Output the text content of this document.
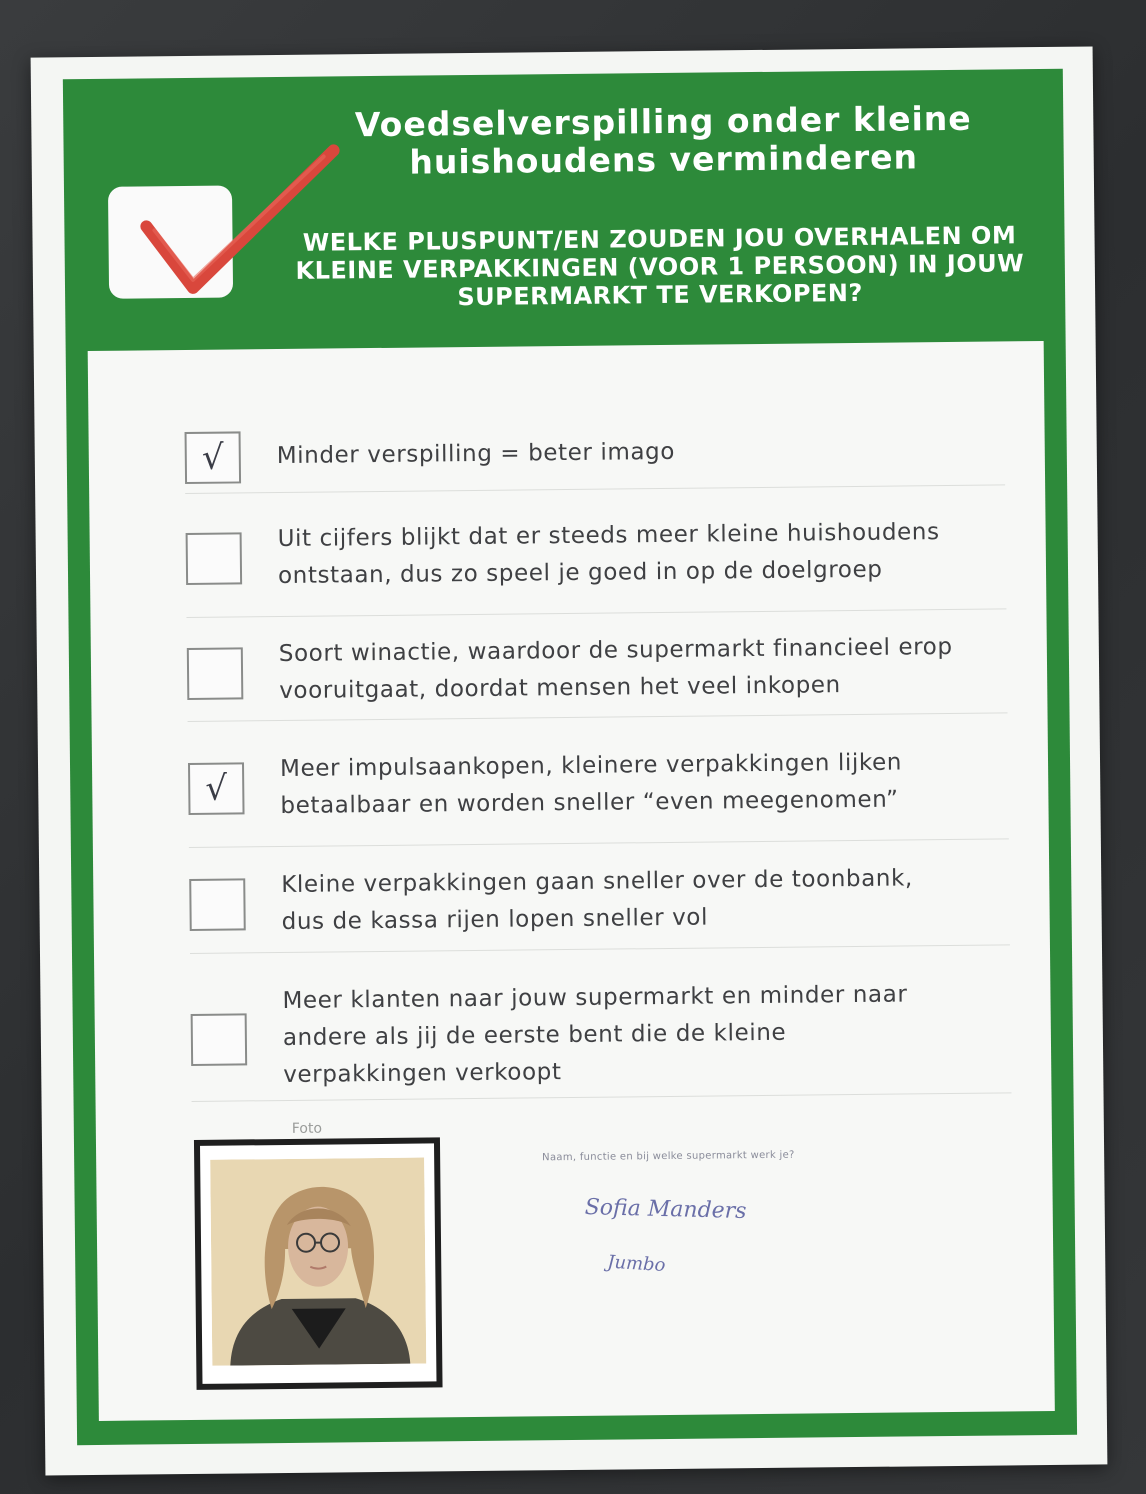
Voedselverspilling onder kleine huishoudens verminderen
WELKE PLUSPUNT/EN ZOUDEN JOU OVERHALEN OM KLEINE VERPAKKINGEN (VOOR 1 PERSOON) IN JOUW SUPERMARKT TE VERKOPEN?
√	Minder verspilling = beter imago
Uit cijfers blijkt dat er steeds meer kleine huishoudens ontstaan, dus zo speel je goed in op de doelgroep
Soort winactie, waardoor de supermarkt financieel erop vooruitgaat, doordat mensen het veel inkopen
√
Meer impulsaankopen, kleinere verpakkingen lijken betaalbaar en worden sneller “even meegenomen”
Kleine verpakkingen gaan sneller over de toonbank, dus de kassa rijen lopen sneller vol
Meer klanten naar jouw supermarkt en minder naar andere als jij de eerste bent die de kleine verpakkingen verkoopt
Foto
Naam, functie en bij welke supermarkt werk je?
Sofia Manders
Jumbo
